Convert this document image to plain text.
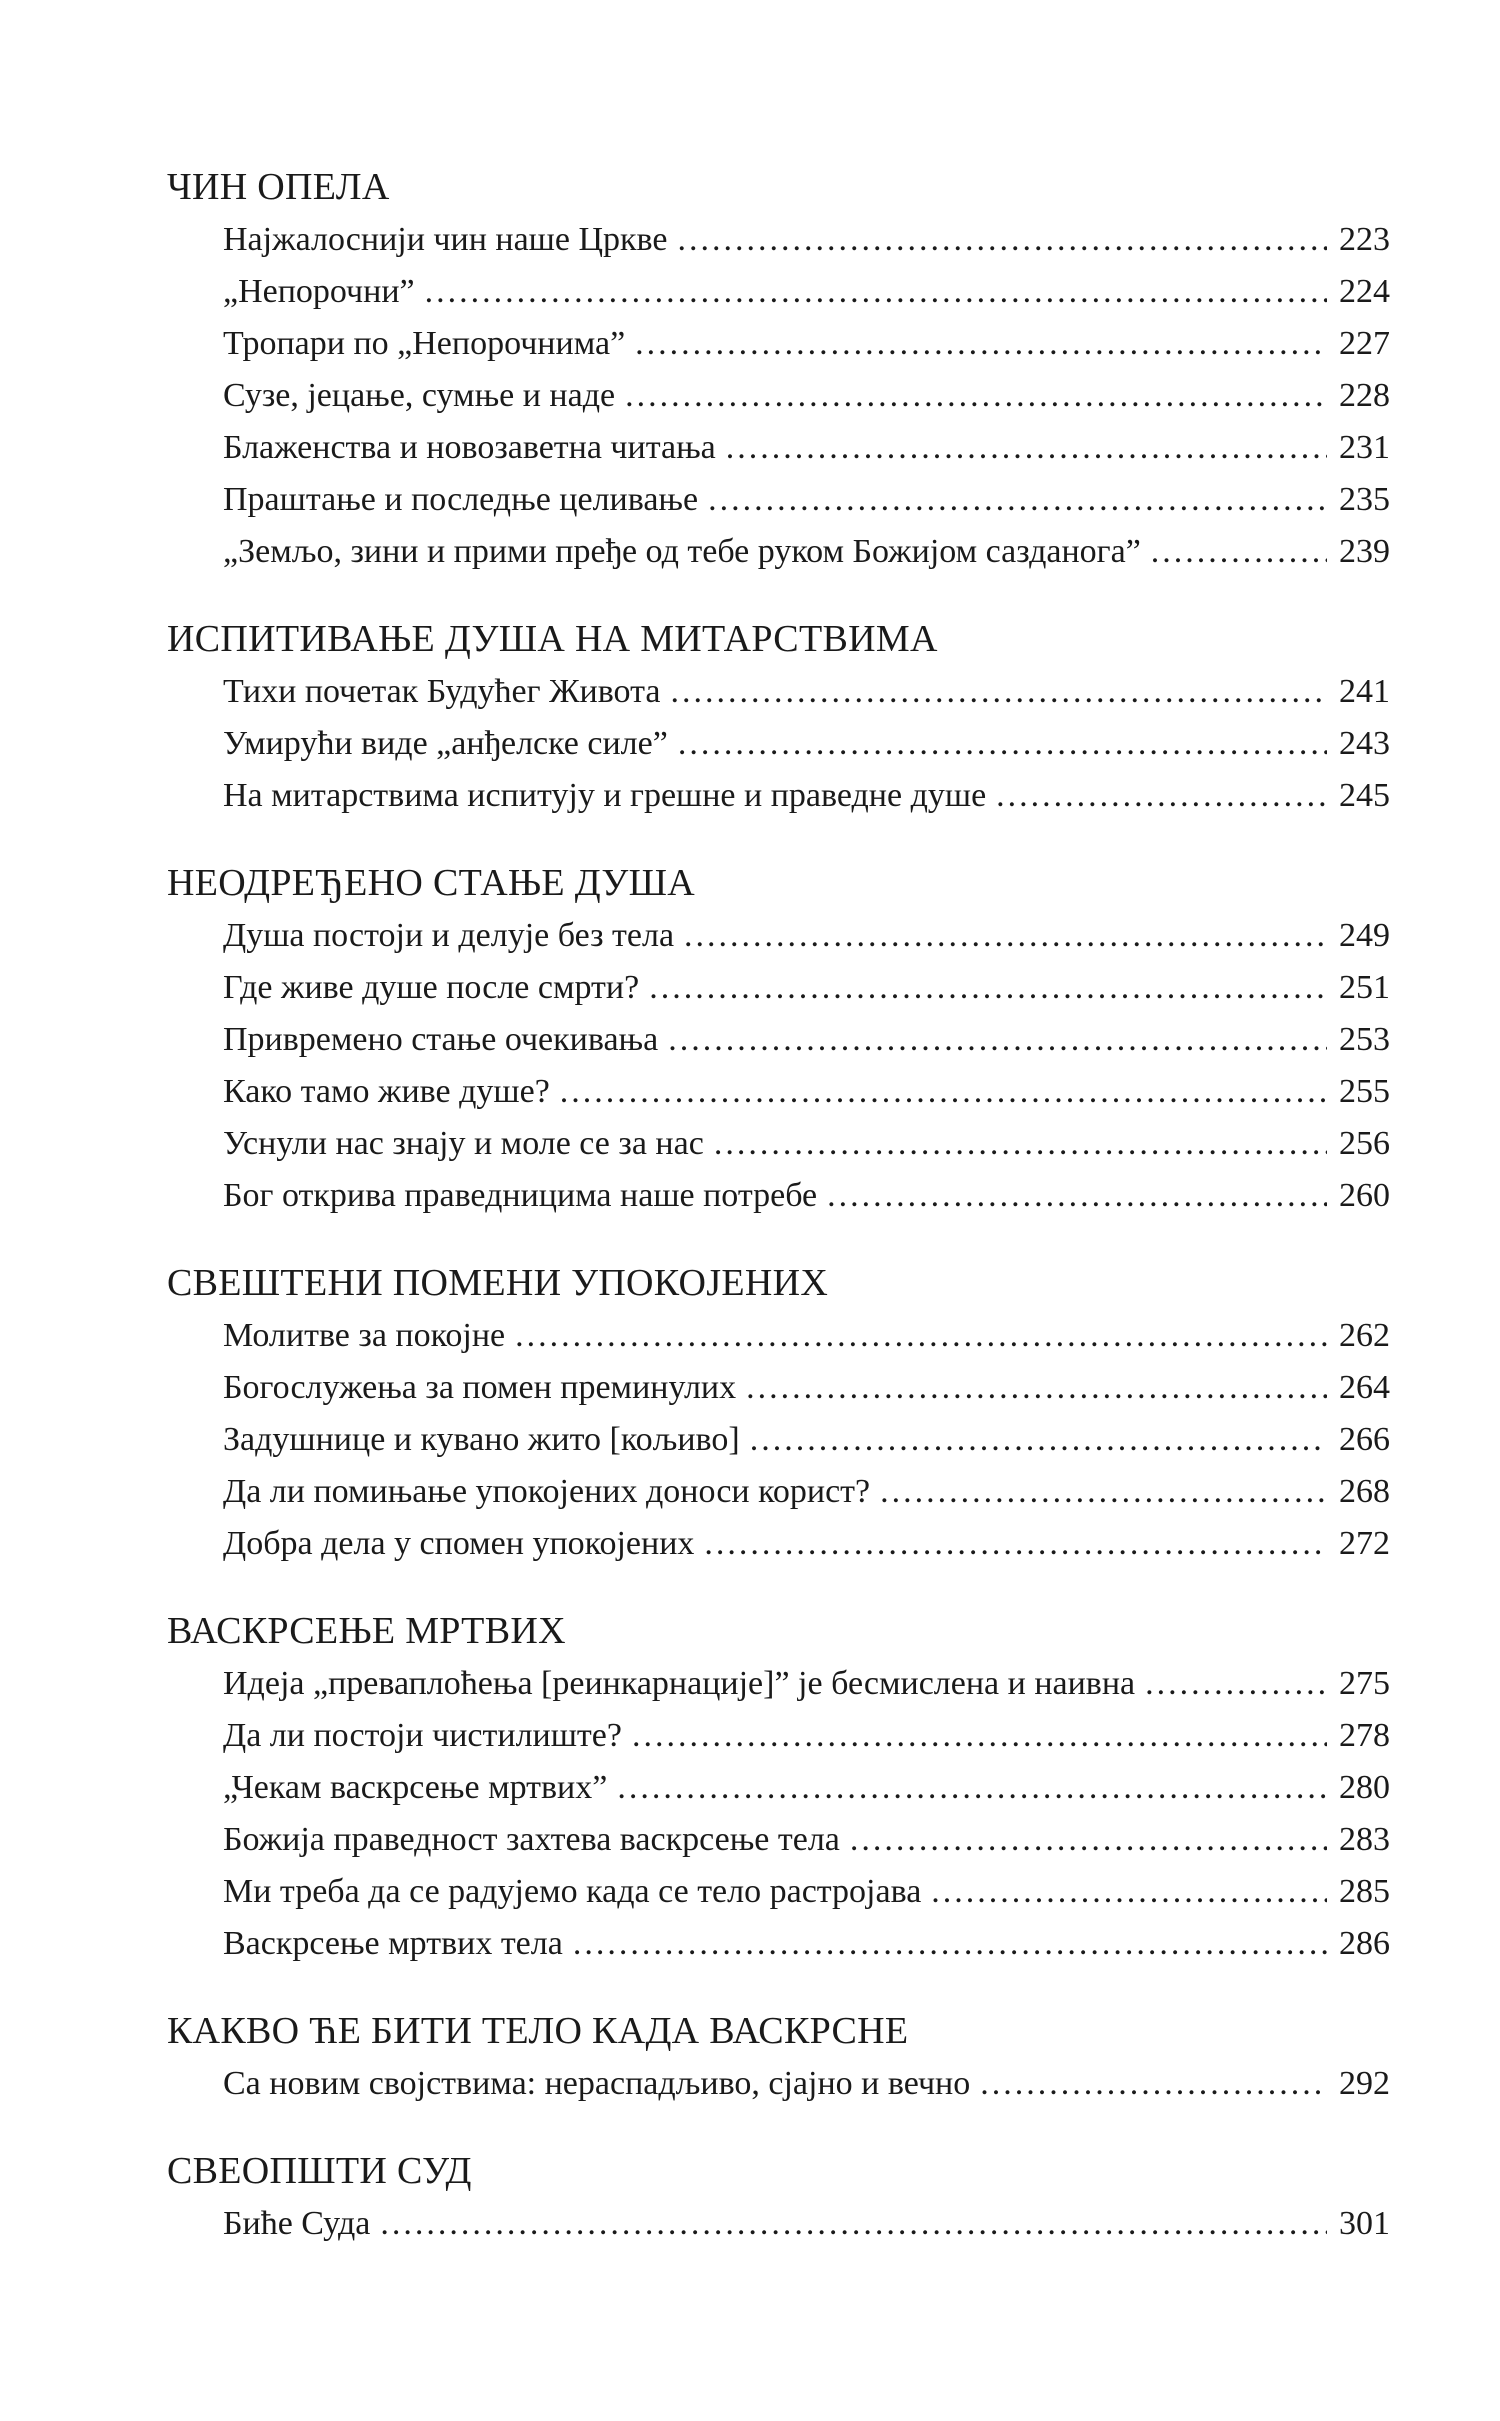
ЧИН ОПЕЛА
Најжалоснији чин наше Цркве .....	223
„Непорочни” .....	224
Тропари по „Непорочнима” .....	227
Сузе, јецање, сумње и наде .....	228
Блаженства и новозаветна читања .....	231
Праштање и последње целивање .....	235
„Земљо, зини и прими пређе од тебе руком Божијом сазданога” .....	239
ИСПИТИВАЊЕ ДУША НА МИТАРСТВИМА
Тихи почетак Будућег Живота .....	241
Умирући виде „анђелске силе” .....	243
На митарствима испитују и грешне и праведне душе .....	245
НЕОДРЕЂЕНО СТАЊЕ ДУША
Душа постоји и делује без тела .....	249
Где живе душе после смрти? .....	251
Привремено стање очекивања .....	253
Како тамо живе душе? .....	255
Уснули нас знају и моле се за нас .....	256
Бог открива праведницима наше потребе .....	260
СВЕШТЕНИ ПОМЕНИ УПОКОЈЕНИХ
Молитве за покојне .....	262
Богослужења за помен преминулих .....	264
Задушнице и кувано жито [кољиво] .....	266
Да ли помињање упокојених доноси корист? .....	268
Добра дела у спомен упокојених .....	272
ВАСКРСЕЊЕ МРТВИХ
Идеја „преваплоћења [реинкарнације]” је бесмислена и наивна .....	275
Да ли постоји чистилиште? .....	278
„Чекам васкрсење мртвих” .....	280
Божија праведност захтева васкрсење тела .....	283
Ми треба да се радујемо када се тело растројава .....	285
Васкрсење мртвих тела .....	286
КАКВО ЋЕ БИТИ ТЕЛО КАДА ВАСКРСНЕ
Са новим својствима: нераспадљиво, сјајно и вечно .....	292
СВЕОПШТИ СУД
Биће Суда .....	301
